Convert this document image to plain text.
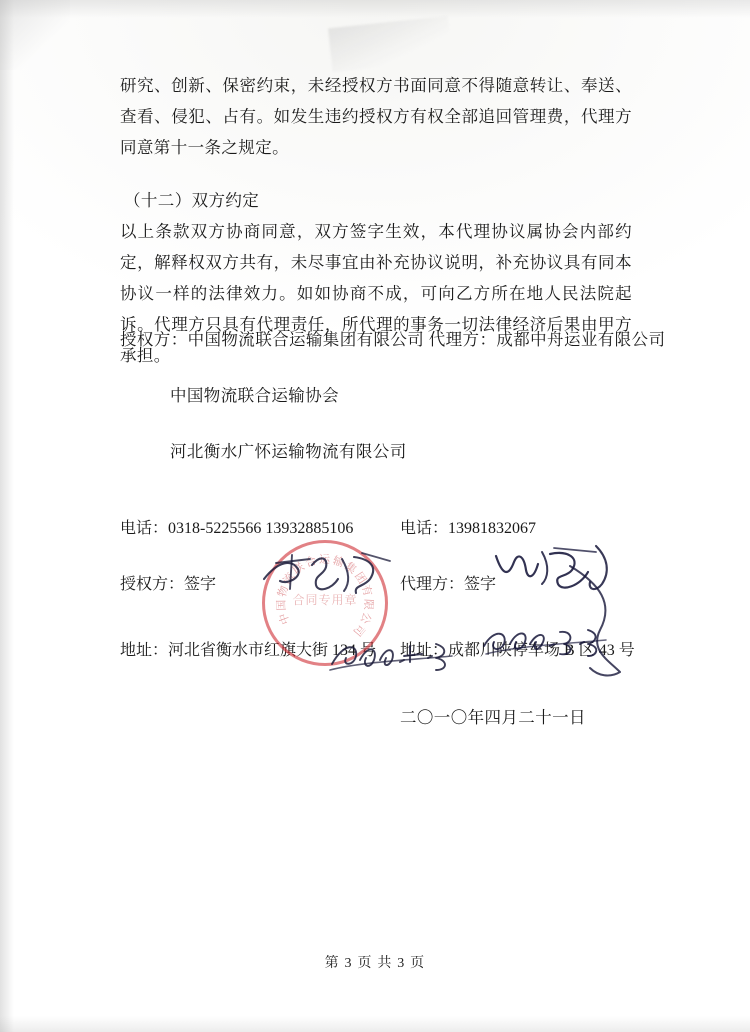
研究、创新、保密约束，未经授权方书面同意不得随意转让、奉送、查看、侵犯、占有。如发生违约授权方有权全部追回管理费，代理方同意第十一条之规定。

（十二）双方约定

以上条款双方协商同意，双方签字生效，本代理协议属协会内部约定，解释权双方共有，未尽事宜由补充协议说明，补充协议具有同本协议一样的法律效力。如如协商不成，可向乙方所在地人民法院起诉。代理方只具有代理责任，所代理的事务一切法律经济后果由甲方承担。

授权方：中国物流联合运输集团有限公司 代理方：成都中舟运业有限公司
中国物流联合运输协会
河北衡水广怀运输物流有限公司
电话：0318-5225566 13932885106	电话：13981832067
授权方：签字	代理方：签字
地址：河北省衡水市红旗大街 134 号 地址：成都川陕停车场 B 区 43 号
二〇一〇年四月二十一日
合同专用章
中
国
物
流
联
合 运
输
集
团
有
限
公
司
第 3 页 共 3 页
